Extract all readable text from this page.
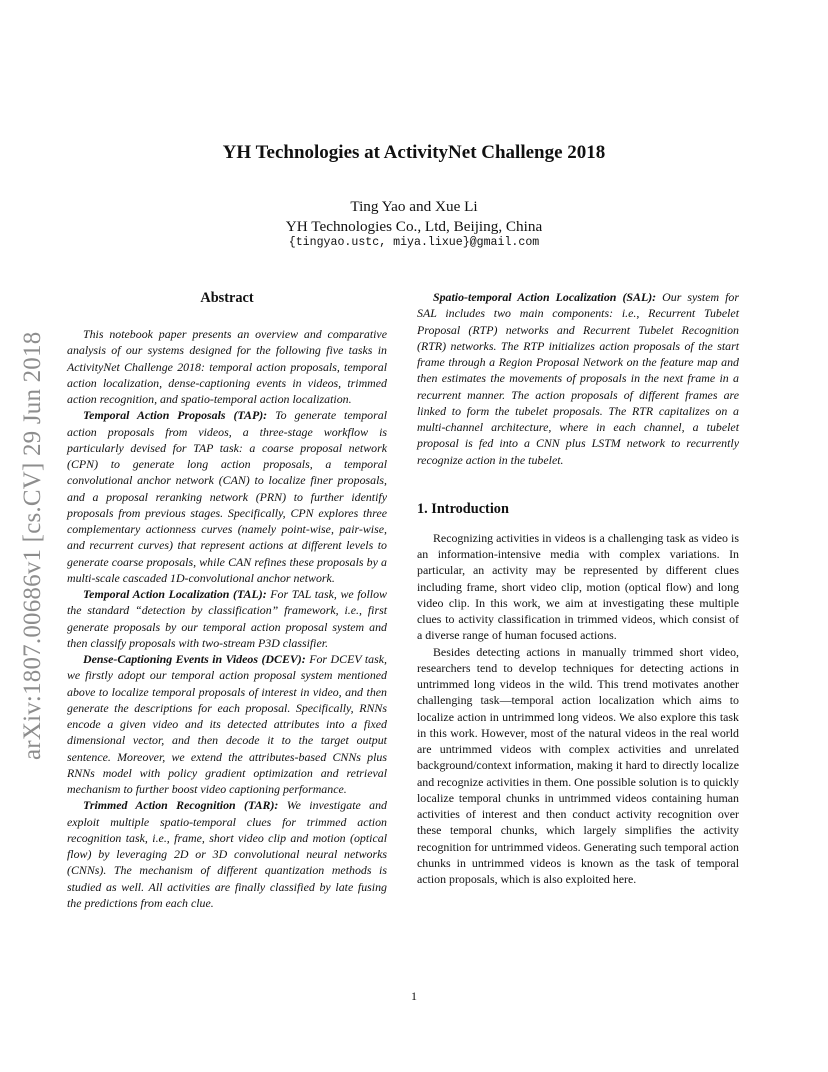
arXiv:1807.00686v1 [cs.CV] 29 Jun 2018
YH Technologies at ActivityNet Challenge 2018
Ting Yao and Xue Li
YH Technologies Co., Ltd, Beijing, China
{tingyao.ustc, miya.lixue}@gmail.com
Abstract

This notebook paper presents an overview and comparative analysis of our systems designed for the following five tasks in ActivityNet Challenge 2018: temporal action proposals, temporal action localization, dense-captioning events in videos, trimmed action recognition, and spatio-temporal action localization.

Temporal Action Proposals (TAP): To generate temporal action proposals from videos, a three-stage workflow is particularly devised for TAP task: a coarse proposal network (CPN) to generate long action proposals, a temporal convolutional anchor network (CAN) to localize finer proposals, and a proposal reranking network (PRN) to further identify proposals from previous stages. Specifically, CPN explores three complementary actionness curves (namely point-wise, pair-wise, and recurrent curves) that represent actions at different levels to generate coarse proposals, while CAN refines these proposals by a multi-scale cascaded 1D-convolutional anchor network.

Temporal Action Localization (TAL): For TAL task, we follow the standard “detection by classification” framework, i.e., first generate proposals by our temporal action proposal system and then classify proposals with two-stream P3D classifier.

Dense-Captioning Events in Videos (DCEV): For DCEV task, we firstly adopt our temporal action proposal system mentioned above to localize temporal proposals of interest in video, and then generate the descriptions for each proposal. Specifically, RNNs encode a given video and its detected attributes into a fixed dimensional vector, and then decode it to the target output sentence. Moreover, we extend the attributes-based CNNs plus RNNs model with policy gradient optimization and retrieval mechanism to further boost video captioning performance.

Trimmed Action Recognition (TAR): We investigate and exploit multiple spatio-temporal clues for trimmed action recognition task, i.e., frame, short video clip and motion (optical flow) by leveraging 2D or 3D convolutional neural networks (CNNs). The mechanism of different quantization methods is studied as well. All activities are finally classified by late fusing the predictions from each clue.

Spatio-temporal Action Localization (SAL): Our system for SAL includes two main components: i.e., Recurrent Tubelet Proposal (RTP) networks and Recurrent Tubelet Recognition (RTR) networks. The RTP initializes action proposals of the start frame through a Region Proposal Network on the feature map and then estimates the movements of proposals in the next frame in a recurrent manner. The action proposals of different frames are linked to form the tubelet proposals. The RTR capitalizes on a multi-channel architecture, where in each channel, a tubelet proposal is fed into a CNN plus LSTM network to recurrently recognize action in the tubelet.

1. Introduction

Recognizing activities in videos is a challenging task as video is an information-intensive media with complex variations. In particular, an activity may be represented by different clues including frame, short video clip, motion (optical flow) and long video clip. In this work, we aim at investigating these multiple clues to activity classification in trimmed videos, which consist of a diverse range of human focused actions.

Besides detecting actions in manually trimmed short video, researchers tend to develop techniques for detecting actions in untrimmed long videos in the wild. This trend motivates another challenging task—temporal action localization which aims to localize action in untrimmed long videos. We also explore this task in this work. However, most of the natural videos in the real world are untrimmed videos with complex activities and unrelated background/context information, making it hard to directly localize and recognize activities in them. One possible solution is to quickly localize temporal chunks in untrimmed videos containing human activities of interest and then conduct activity recognition over these temporal chunks, which largely simplifies the activity recognition for untrimmed videos. Generating such temporal action chunks in untrimmed videos is known as the task of temporal action proposals, which is also exploited here.

1
